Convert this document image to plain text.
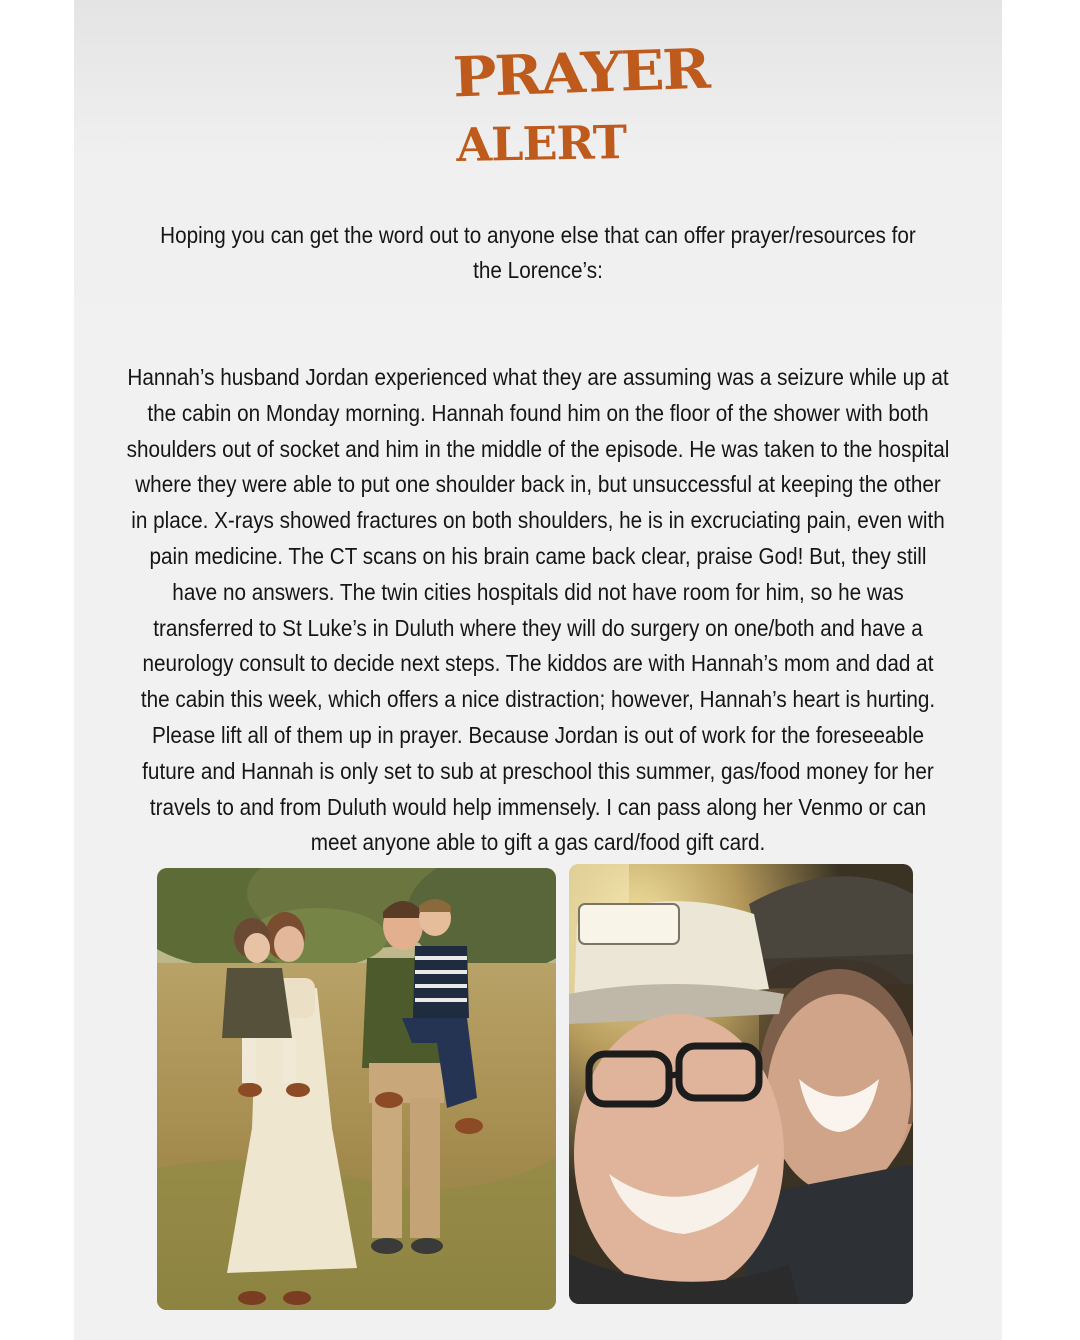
PRAYER
ALERT
Hoping you can get the word out to anyone else that can offer prayer/resources for the Lorence’s:
Hannah’s husband Jordan experienced what they are assuming was a seizure while up at the cabin on Monday morning. Hannah found him on the floor of the shower with both shoulders out of socket and him in the middle of the episode. He was taken to the hospital where they were able to put one shoulder back in, but unsuccessful at keeping the other in place. X-rays showed fractures on both shoulders, he is in excruciating pain, even with pain medicine. The CT scans on his brain came back clear, praise God! But, they still have no answers. The twin cities hospitals did not have room for him, so he was transferred to St Luke’s in Duluth where they will do surgery on one/both and have a neurology consult to decide next steps. The kiddos are with Hannah’s mom and dad at the cabin this week, which offers a nice distraction; however, Hannah’s heart is hurting. Please lift all of them up in prayer. Because Jordan is out of work for the foreseeable future and Hannah is only set to sub at preschool this summer, gas/food money for her travels to and from Duluth would help immensely. I can pass along her Venmo or can meet anyone able to gift a gas card/food gift card.
